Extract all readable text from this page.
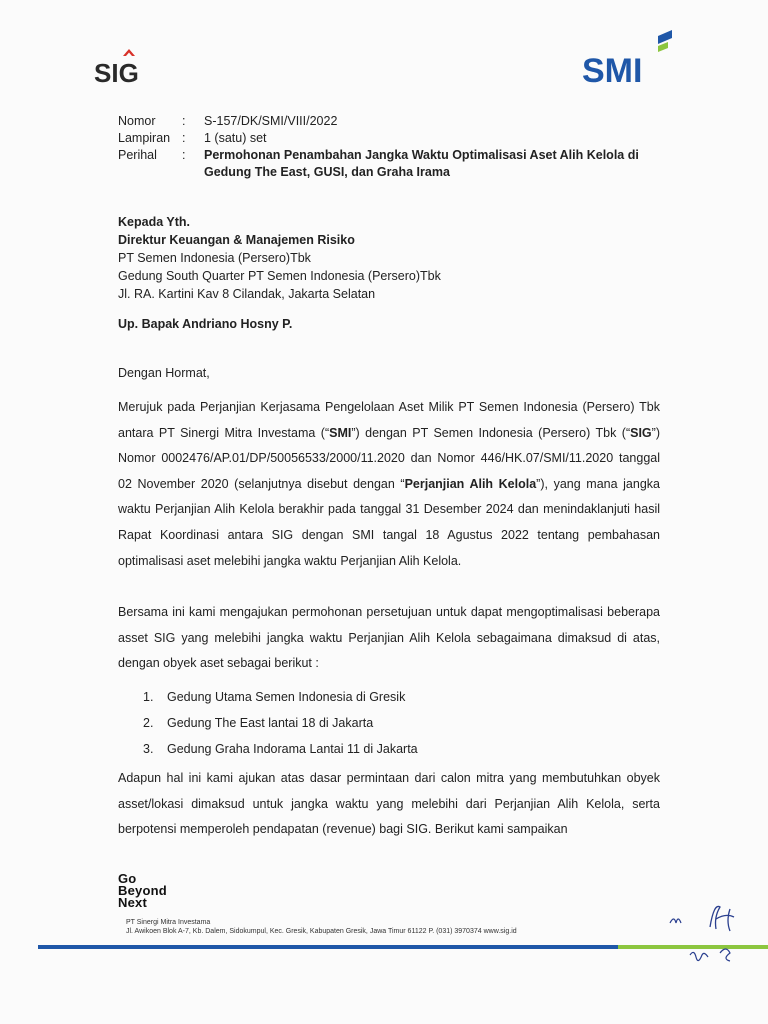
SIG	SMI
Nomor	:	S-157/DK/SMI/VIII/2022
Lampiran :	1 (satu) set
Perihal	:	Permohonan Penambahan Jangka Waktu Optimalisasi Aset Alih Kelola di Gedung The East, GUSI, dan Graha Irama
Kepada Yth.
Direktur Keuangan & Manajemen Risiko
PT Semen Indonesia (Persero)Tbk
Gedung South Quarter PT Semen Indonesia (Persero)Tbk
Jl. RA. Kartini Kav 8 Cilandak, Jakarta Selatan
Up. Bapak Andriano Hosny P.
Dengan Hormat,
Merujuk pada Perjanjian Kerjasama Pengelolaan Aset Milik PT Semen Indonesia (Persero) Tbk antara PT Sinergi Mitra Investama (“SMI”) dengan PT Semen Indonesia (Persero) Tbk (“SIG”) Nomor 0002476/AP.01/DP/50056533/2000/11.2020 dan Nomor 446/HK.07/SMI/11.2020 tanggal 02 November 2020 (selanjutnya disebut dengan “Perjanjian Alih Kelola”), yang mana jangka waktu Perjanjian Alih Kelola berakhir pada tanggal 31 Desember 2024 dan menindaklanjuti hasil Rapat Koordinasi antara SIG dengan SMI tangal 18 Agustus 2022 tentang pembahasan optimalisasi aset melebihi jangka waktu Perjanjian Alih Kelola.
Bersama ini kami mengajukan permohonan persetujuan untuk dapat mengoptimalisasi beberapa asset SIG yang melebihi jangka waktu Perjanjian Alih Kelola sebagaimana dimaksud di atas, dengan obyek aset sebagai berikut :
1.	Gedung Utama Semen Indonesia di Gresik
2.	Gedung The East lantai 18 di Jakarta
3.	Gedung Graha Indorama Lantai 11 di Jakarta
Adapun hal ini kami ajukan atas dasar permintaan dari calon mitra yang membutuhkan obyek asset/lokasi dimaksud untuk jangka waktu yang melebihi dari Perjanjian Alih Kelola, serta berpotensi memperoleh pendapatan (revenue) bagi SIG. Berikut kami sampaikan
Go
Beyond
Next
PT Sinergi Mitra Investama
Jl. Awikoen Blok A-7, Kb. Dalem, Sidokumpul, Kec. Gresik, Kabupaten Gresik, Jawa Timur 61122 P. (031) 3970374 www.sig.id
